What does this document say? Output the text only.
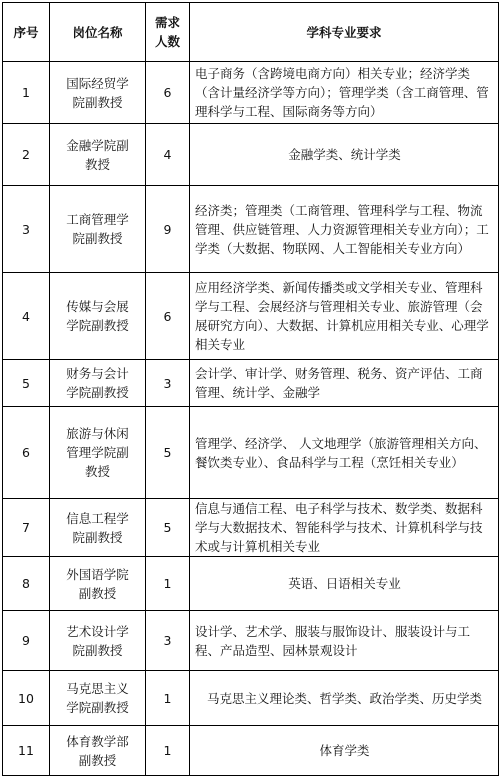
序号	岗位名称	需求人数	学科专业要求
1	国际经贸学院副教授	6	电子商务（含跨境电商方向）相关专业；经济学类（含计量经济学等方向）；管理学类（含工商管理、管理科学与工程、国际商务等方向）
2	金融学院副教授	4	金融学类、统计学类
3	工商管理学院副教授	9	经济类；管理类（工商管理、管理科学与工程、物流管理、供应链管理、人力资源管理相关专业方向）；工学类（大数据、物联网、人工智能相关专业方向）
4	传媒与会展学院副教授	6	应用经济学类、新闻传播类或文学相关专业、管理科学与工程、会展经济与管理相关专业、旅游管理（会展研究方向）、大数据、计算机应用相关专业、心理学相关专业
5	财务与会计学院副教授	3	会计学、审计学、财务管理、税务、资产评估、工商管理、统计学、金融学
6	旅游与休闲管理学院副教授	5	管理学、经济学、 人文地理学（旅游管理相关方向、餐饮类专业）、食品科学与工程（烹饪相关专业）
7	信息工程学院副教授	5	信息与通信工程、电子科学与技术、数学类、数据科学与大数据技术、智能科学与技术、计算机科学与技术或与计算机相关专业
8	外国语学院副教授	1	英语、日语相关专业
9	艺术设计学院副教授	3	设计学、艺术学、服装与服饰设计、服装设计与工程、产品造型、园林景观设计
10	马克思主义学院副教授	1	马克思主义理论类、哲学类、政治学类、历史学类
11	体育教学部副教授	1	体育学类
